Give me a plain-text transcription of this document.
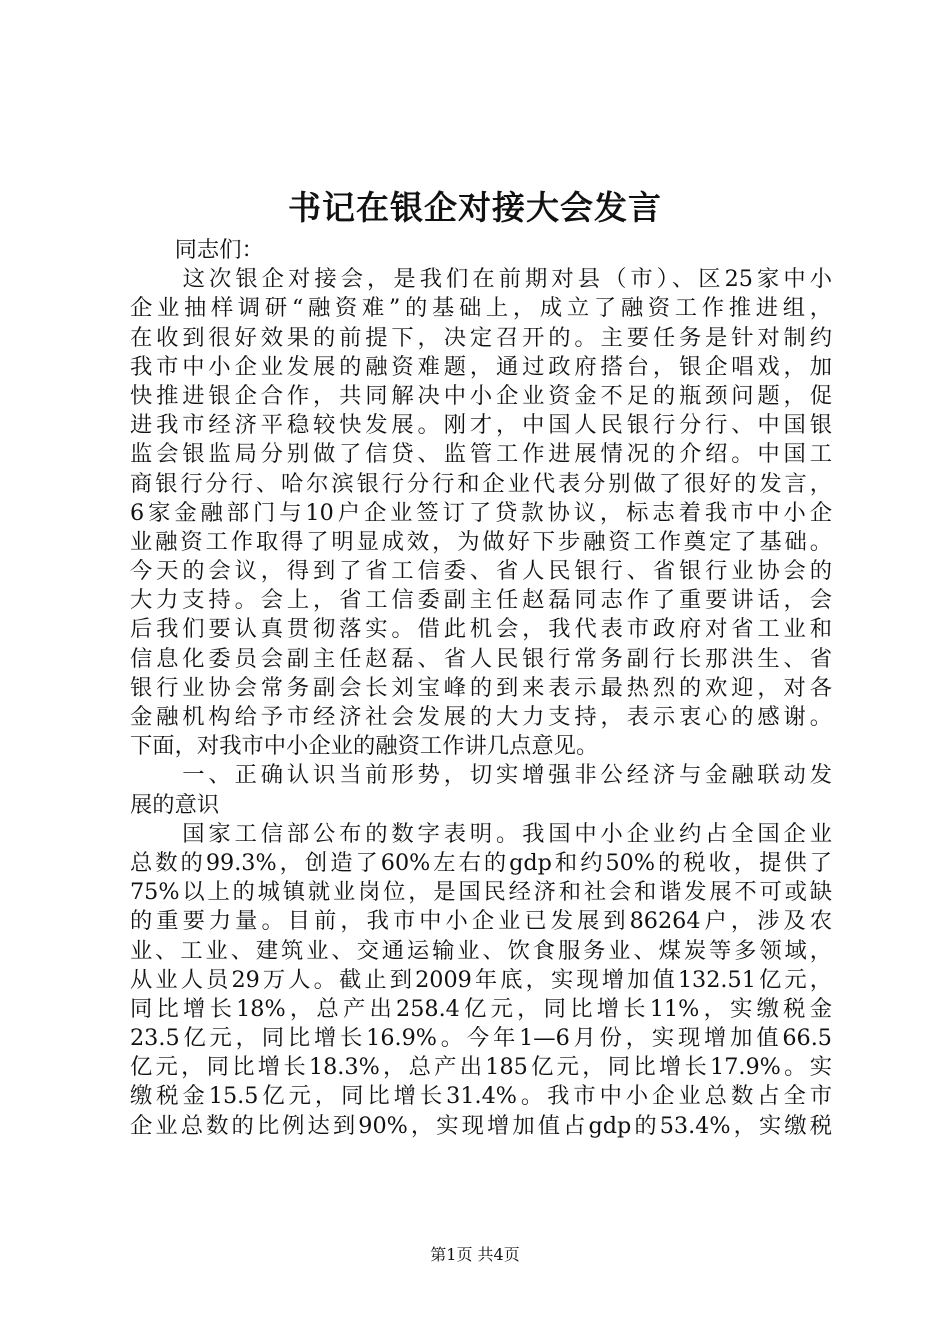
书记在银企对接大会发言
　　同志们：
　　这次银企对接会，是我们在前期对县（市）、区25家中小
企业抽样调研“融资难”的基础上，成立了融资工作推进组，
在收到很好效果的前提下，决定召开的。主要任务是针对制约
我市中小企业发展的融资难题，通过政府搭台，银企唱戏，加
快推进银企合作，共同解决中小企业资金不足的瓶颈问题，促
进我市经济平稳较快发展。刚才，中国人民银行分行、中国银
监会银监局分别做了信贷、监管工作进展情况的介绍。中国工
商银行分行、哈尔滨银行分行和企业代表分别做了很好的发言，
6家金融部门与10户企业签订了贷款协议，标志着我市中小企
业融资工作取得了明显成效，为做好下步融资工作奠定了基础。
今天的会议，得到了省工信委、省人民银行、省银行业协会的
大力支持。会上，省工信委副主任赵磊同志作了重要讲话，会
后我们要认真贯彻落实。借此机会，我代表市政府对省工业和
信息化委员会副主任赵磊、省人民银行常务副行长那洪生、省
银行业协会常务副会长刘宝峰的到来表示最热烈的欢迎，对各
金融机构给予市经济社会发展的大力支持，表示衷心的感谢。
下面，对我市中小企业的融资工作讲几点意见。
　　一、正确认识当前形势，切实增强非公经济与金融联动发
展的意识
　　国家工信部公布的数字表明。我国中小企业约占全国企业
总数的99.3%，创造了60%左右的gdp和约50%的税收，提供了
75%以上的城镇就业岗位，是国民经济和社会和谐发展不可或缺
的重要力量。目前，我市中小企业已发展到86264户，涉及农
业、工业、建筑业、交通运输业、饮食服务业、煤炭等多领域，
从业人员29万人。截止到2009年底，实现增加值132.51亿元，
同比增长18%，总产出258.4亿元，同比增长11%，实缴税金
23.5亿元，同比增长16.9%。今年1—6月份，实现增加值66.5
亿元，同比增长18.3%，总产出185亿元，同比增长17.9%。实
缴税金15.5亿元，同比增长31.4%。我市中小企业总数占全市
企业总数的比例达到90%，实现增加值占gdp的53.4%，实缴税
第1页 共4页
